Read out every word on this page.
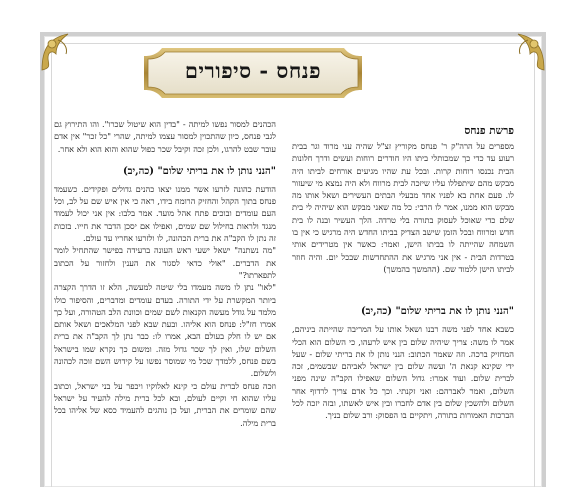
פנחס - סיפורים
פרשת פנחס

מספרים על הרה"ק ר' פנחס מקוריץ זצ"ל שהיה עני מרוד וגר בבית רעוע עד כדי כך שמכותלי ביתו היו חודרים רוחות ועשים ודרך חלונות הבית נכנסו רוחות קרות. ובכל עת שהיו מגיעים אורחים לביתו היה מבקש מהם שיתפללו עליו שיזכה לבית מרווח ולא היה נמצא מי שיעזור לו. פעם אחת בא לפניו אחד מבעלי הבתים העשירים ושאל אותו מה מבקש הוא ממנו, אמר לו הרבי: כל מה שאני מבקש הוא שיהיה לי בית שלם כדי שאוכל לעסוק בתורה בלי טרדה. הלך העשיר ובנה לו בית חדש ומרווח ובכל הזמן שישב הצדיק בביתו החדש היה מרגיש כי אין בו השמחה שהייתה לו בביתו הישן, ואמר: כאשר אין מטרידים אותי בטרדות הבית - אין אני מרגיש את ההתחדשות שבכל יום. והיה חוזר לביתו הישן ללמוד שם. (ההמשך בהמשך)

"הנני נותן לו את בריתי שלום" (כה,יב)

כשבא אחד לפני משה רבנו ושאל אותו על המריבה שהייתה ביניהם, אמר לו משה: צריך שיהיה שלום בין איש לרעהו, כי השלום הוא הכלי המחזיק ברכה. וזה שאמר הכתוב: הנני נותן לו את בריתי שלום - שעל ידי שקינא קנאת ה' ועשה שלום בין ישראל לאביהם שבשמים, זכה לברית שלום. ועוד אמרו: גדול השלום שאפילו הקב"ה שינה מפני השלום, ואמר לאברהם: ואני זקנתי. וכך כל אדם צריך לרדוף אחר השלום ולהשכין שלום בין אדם לחברו ובין איש לאשתו, ובזה יזכה לכל הברכות האמורות בתורה, ויתקיים בו הפסוק: ורב שלום בניך.

הכהנים למסור נפשו למיתה - "בדין הוא שיטול שכרו". והו התירוץ גם לגבי פנחס, כיון שהתכוין למסור עצמו למיתה, שהרי "כל זכר" אין אדם עובר שבט להרגו, ולכן זכה וקיבל שכר כפול שהוא והוא הוא ולא אחר.

"הנני נותן לו את בריתי שלום" (כה,יב)

הודעת כהונה לזרעו אשר ממנו יצאו כהנים גדולים ופקידים. כשעמד פנחס בתוך הקהל והחזיק הרומח בידו, ראה כי אין איש שם על לב, וכל העם עומדים ובוכים פתח אהל מועד. אמר בלבו: אין אני יכול לעמוד מנגד ולראות בחילול שם שמים, ואפילו אם יסכן הדבר את חייו. בזכות זה נתן לו הקב"ה את ברית הכהונה, לו ולזרעו אחריו עד עולם.

"מה נשתנה" ישאל ישעי ראש העונה ברעידה בפישר שהתחיל לומר את הדברים. "אולי כדאי לסגור את הענין ולחזור על הכתוב לתפארתו?"

"לאו" נתן לו משה מעמדו בלי שיטה למעשה, הלא זו הדרך הקצרה ביותר המקשרת על ידי התורה. בעדם עומדים ומדברים, והסיפור כולו מלמד על גודל מעשה הקנאות לשם שמים וכוונת הלב הטהורה, ועל כך אמרו חז"ל: פנחס הוא אליהו. ובעת שבא לפני המלאכים ושאל אותם אם יש לו חלק בעולם הבא, אמרו לו: כבר נתן לך הקב"ה את ברית השלום שלו, ואין לך שכר גדול מזה. ומשום כך נקרא שמו בישראל בשם פנחס, ללמדך שכל מי שמוסר נפשו על קידוש השם זוכה לכהונה ולשלום.

וזכה פנחס לברית עולם כי קינא לאלוקיו ויכפר על בני ישראל, וכתוב עליו שהוא חי וקיים לעולם, ובא לכל ברית מילה להעיד על ישראל שהם שומרים את הברית, ועל כן נוהגים להעמיד כסא של אליהו בכל ברית מילה.
